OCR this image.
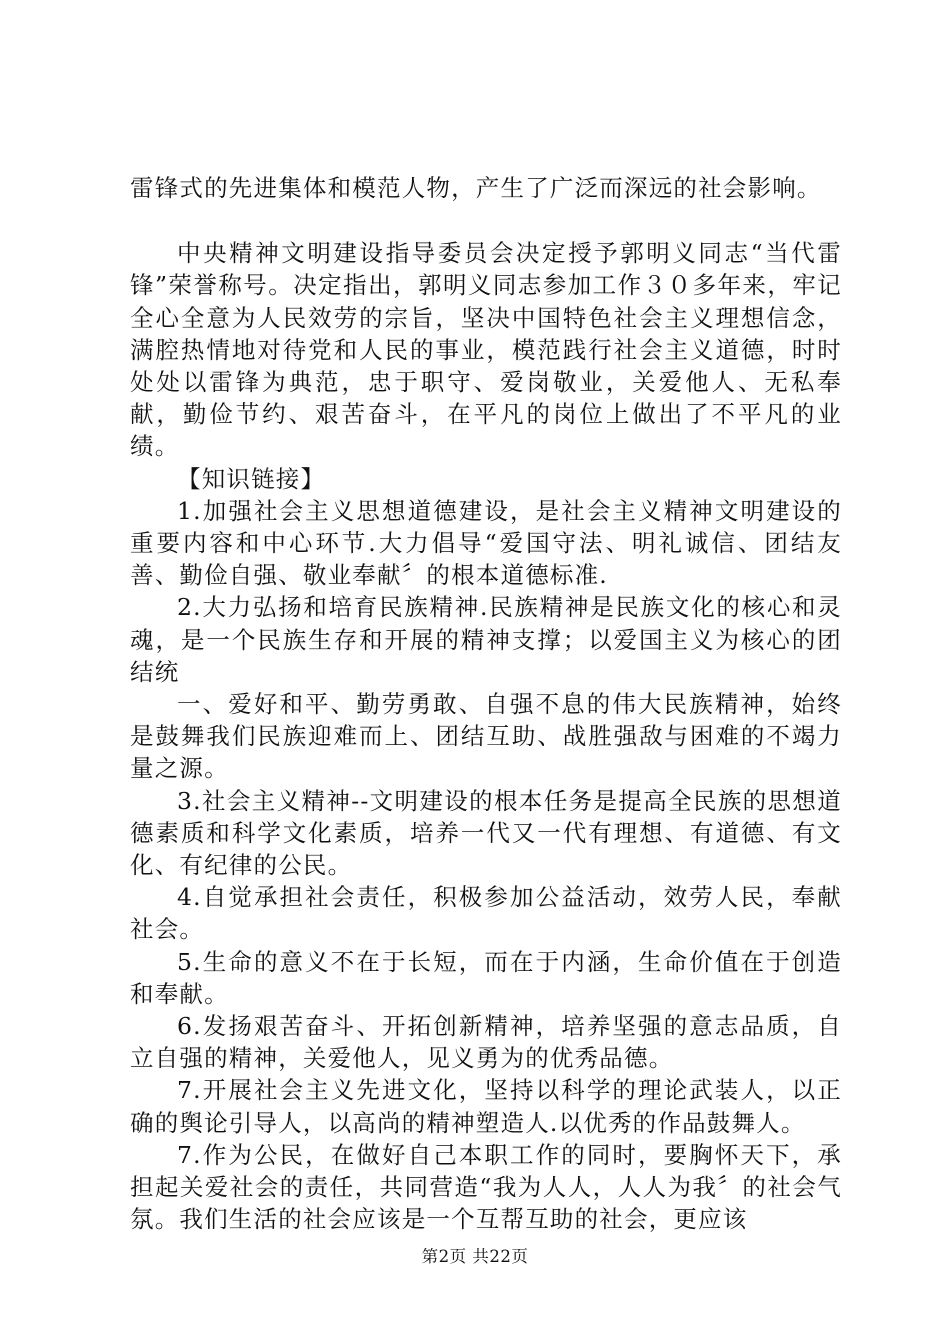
雷锋式的先进集体和模范人物，产生了广泛而深远的社会影响。

中央精神文明建设指导委员会决定授予郭明义同志“当代雷锋”荣誉称号。决定指出，郭明义同志参加工作３０多年来，牢记全心全意为人民效劳的宗旨，坚决中国特色社会主义理想信念，满腔热情地对待党和人民的事业，模范践行社会主义道德，时时处处以雷锋为典范，忠于职守、爱岗敬业，关爱他人、无私奉献，勤俭节约、艰苦奋斗，在平凡的岗位上做出了不平凡的业绩。

【知识链接】

1.加强社会主义思想道德建设，是社会主义精神文明建设的重要内容和中心环节.大力倡导“爱国守法、明礼诚信、团结友善、勤俭自强、敬业奉献〞的根本道德标准.

2.大力弘扬和培育民族精神.民族精神是民族文化的核心和灵魂，是一个民族生存和开展的精神支撑；以爱国主义为核心的团结统

一、爱好和平、勤劳勇敢、自强不息的伟大民族精神，始终是鼓舞我们民族迎难而上、团结互助、战胜强敌与困难的不竭力量之源。

3.社会主义精神--文明建设的根本任务是提高全民族的思想道德素质和科学文化素质，培养一代又一代有理想、有道德、有文化、有纪律的公民。

4.自觉承担社会责任，积极参加公益活动，效劳人民，奉献社会。

5.生命的意义不在于长短，而在于内涵，生命价值在于创造和奉献。

6.发扬艰苦奋斗、开拓创新精神，培养坚强的意志品质，自立自强的精神，关爱他人，见义勇为的优秀品德。

7.开展社会主义先进文化，坚持以科学的理论武装人，以正确的舆论引导人，以高尚的精神塑造人.以优秀的作品鼓舞人。

7.作为公民，在做好自己本职工作的同时，要胸怀天下，承担起关爱社会的责任，共同营造“我为人人，人人为我〞的社会气氛。我们生活的社会应该是一个互帮互助的社会，更应该

第2页 共22页
